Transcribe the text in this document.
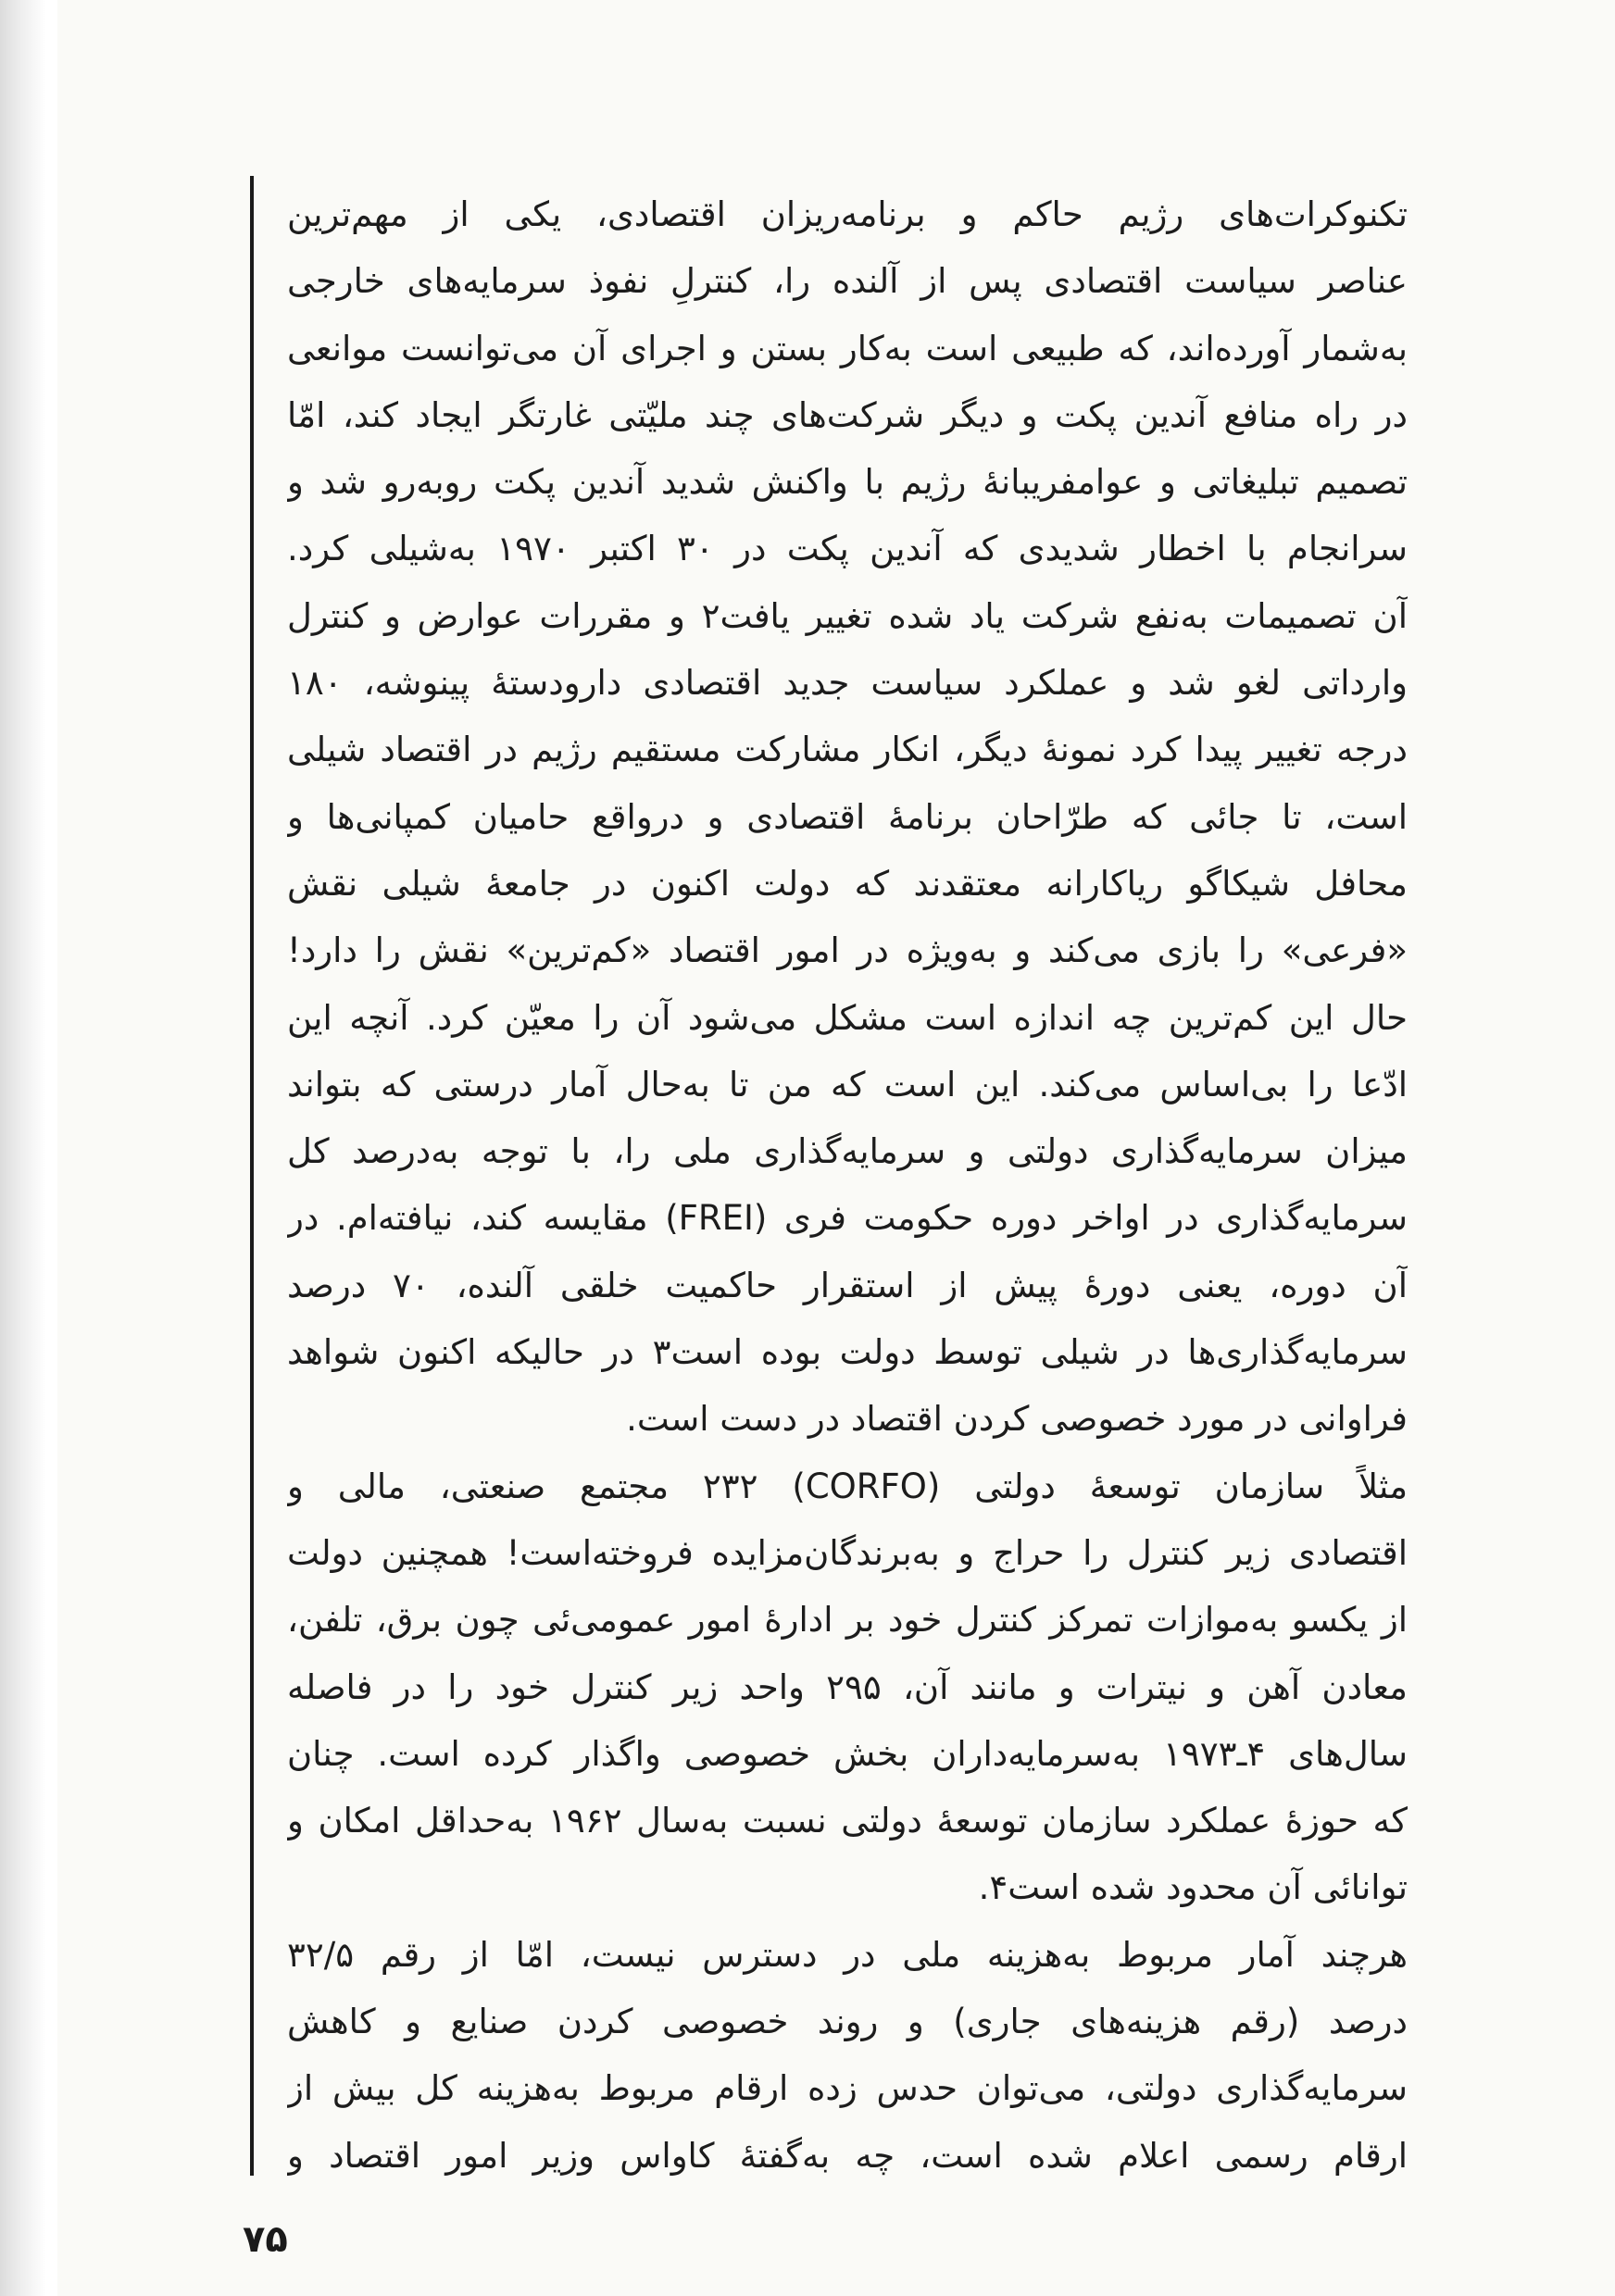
تکنوکرات‌های رژیم حاکم و برنامه‌ریزان اقتصادی، یکی از مهم‌ترین
عناصر سیاست اقتصادی پس از آلنده را، کنترلِ نفوذ سرمایه‌های خارجی
به‌شمار آورده‌اند، که طبیعی است به‌کار بستن و اجرای آن می‌توانست موانعی
در راه منافع آندین پکت و دیگر شرکت‌های چند ملیّتی غارتگر ایجاد کند، امّا
تصمیم تبلیغاتی و عوامفریبانۀ رژیم با واکنش شدید آندین پکت روبه‌رو شد و
سرانجام با اخطار شدیدی که آندین پکت در ۳۰ اکتبر ۱۹۷۰ به‌شیلی کرد.
آن تصمیمات به‌نفع شرکت یاد شده تغییر یافت۲ و مقررات عوارض و کنترل
وارداتی لغو شد و عملکرد سیاست جدید اقتصادی دارودستۀ پینوشه، ۱۸۰
درجه تغییر پیدا کرد نمونۀ دیگر، انکار مشارکت مستقیم رژیم در اقتصاد شیلی
است، تا جائی که طرّاحان برنامۀ اقتصادی و درواقع حامیان کمپانی‌ها و
محافل شیکاگو ریاکارانه معتقدند که دولت اکنون در جامعۀ شیلی نقش
«فرعی» را بازی می‌کند و به‌ویژه در امور اقتصاد «کم‌ترین» نقش را دارد!
حال این کم‌ترین چه اندازه است مشکل می‌شود آن را معیّن کرد. آنچه این
ادّعا را بی‌اساس می‌کند. این است که من تا به‌حال آمار درستی که بتواند
میزان سرمایه‌گذاری دولتی و سرمایه‌گذاری ملی را، با توجه به‌درصد کل
سرمایه‌گذاری در اواخر دوره حکومت فری (FREI) مقایسه کند، نیافته‌ام. در
آن دوره، یعنی دورۀ پیش از استقرار حاکمیت خلقی آلنده، ۷۰ درصد
سرمایه‌گذاری‌ها در شیلی توسط دولت بوده است۳ در حالیکه اکنون شواهد
فراوانی در مورد خصوصی کردن اقتصاد در دست است.
مثلاً سازمان توسعۀ دولتی (CORFO) ۲۳۲ مجتمع صنعتی، مالی و
اقتصادی زیر کنترل را حراج و به‌برندگان‌مزایده فروخته‌است! همچنین دولت
از یکسو به‌موازات تمرکز کنترل خود بر ادارۀ امور عمومی‌ئی چون برق، تلفن،
معادن آهن و نیترات و مانند آن، ۲۹۵ واحد زیر کنترل خود را در فاصله
سال‌های ۴ـ۱۹۷۳ به‌سرمایه‌داران بخش خصوصی واگذار کرده است. چنان
که حوزۀ عملکرد سازمان توسعۀ دولتی نسبت به‌سال ۱۹۶۲ به‌حداقل امکان و
توانائی آن محدود شده است۴.
هرچند آمار مربوط به‌هزینه ملی در دسترس نیست، امّا از رقم ۳۲/۵
درصد (رقم هزینه‌های جاری) و روند خصوصی کردن صنایع و کاهش
سرمایه‌گذاری دولتی، می‌توان حدس زده ارقام مربوط به‌هزینه کل بیش از
ارقام رسمی اعلام شده است، چه به‌گفتۀ کاواس وزیر امور اقتصاد و
۷۵
